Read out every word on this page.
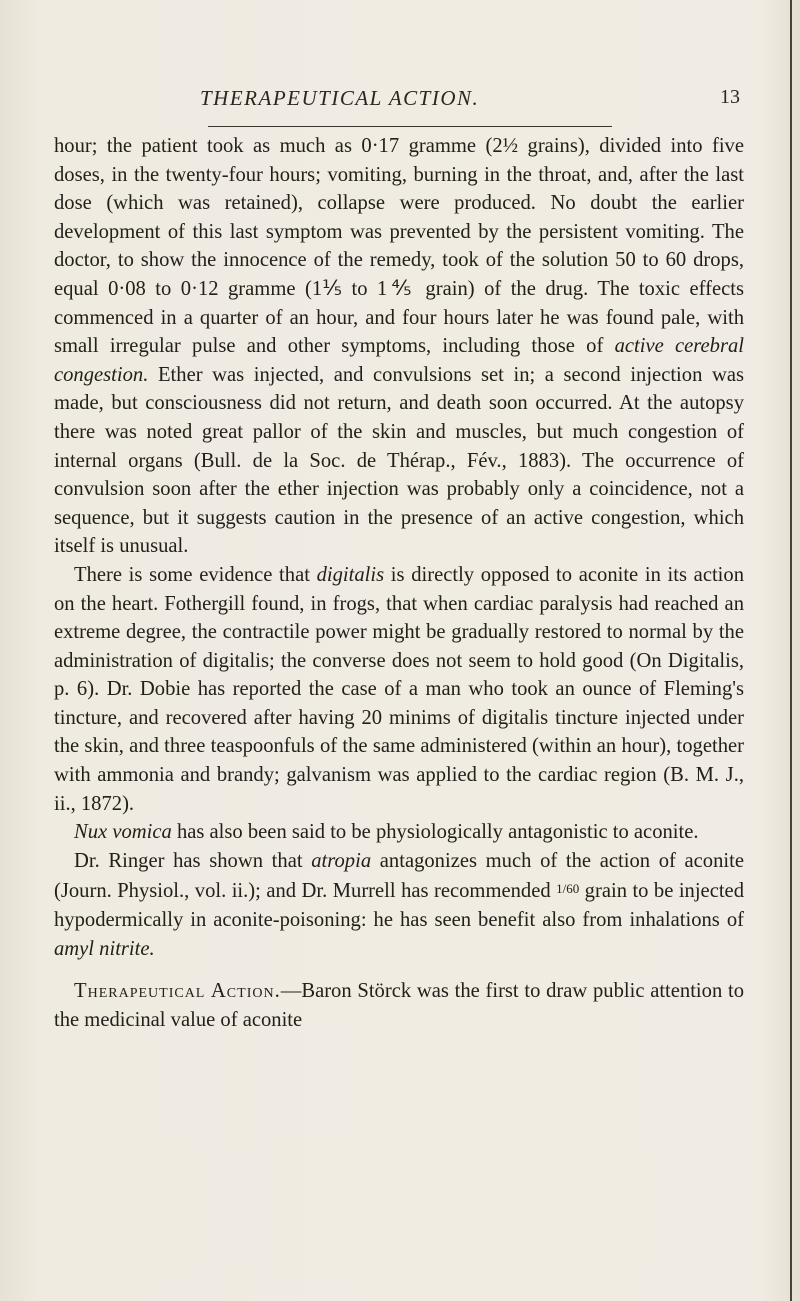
THERAPEUTICAL ACTION.	13

hour; the patient took as much as 0·17 gramme (2½ grains), divided into five doses, in the twenty-four hours; vomiting, burning in the throat, and, after the last dose (which was retained), collapse were produced. No doubt the earlier development of this last symptom was prevented by the persistent vomiting. The doctor, to show the innocence of the remedy, took of the solution 50 to 60 drops, equal 0·08 to 0·12 gramme (1⅕ to 1⅘ grain) of the drug. The toxic effects commenced in a quarter of an hour, and four hours later he was found pale, with small irregular pulse and other symptoms, including those of active cerebral congestion. Ether was injected, and convulsions set in; a second injection was made, but consciousness did not return, and death soon occurred. At the autopsy there was noted great pallor of the skin and muscles, but much congestion of internal organs (Bull. de la Soc. de Thérap., Fév., 1883). The occurrence of convulsion soon after the ether injection was probably only a coincidence, not a sequence, but it suggests caution in the presence of an active congestion, which itself is unusual.

There is some evidence that digitalis is directly opposed to aconite in its action on the heart. Fothergill found, in frogs, that when cardiac paralysis had reached an extreme degree, the contractile power might be gradually restored to normal by the administration of digitalis; the converse does not seem to hold good (On Digitalis, p. 6). Dr. Dobie has reported the case of a man who took an ounce of Fleming's tincture, and recovered after having 20 minims of digitalis tincture injected under the skin, and three teaspoonfuls of the same administered (within an hour), together with ammonia and brandy; galvanism was applied to the cardiac region (B. M. J., ii., 1872).

Nux vomica has also been said to be physiologically antagonistic to aconite.

Dr. Ringer has shown that atropia antagonizes much of the action of aconite (Journ. Physiol., vol. ii.); and Dr. Murrell has recommended 1/60 grain to be injected hypodermically in aconite-poisoning: he has seen benefit also from inhalations of amyl nitrite.

Therapeutical Action.—Baron Störck was the first to draw public attention to the medicinal value of aconite
